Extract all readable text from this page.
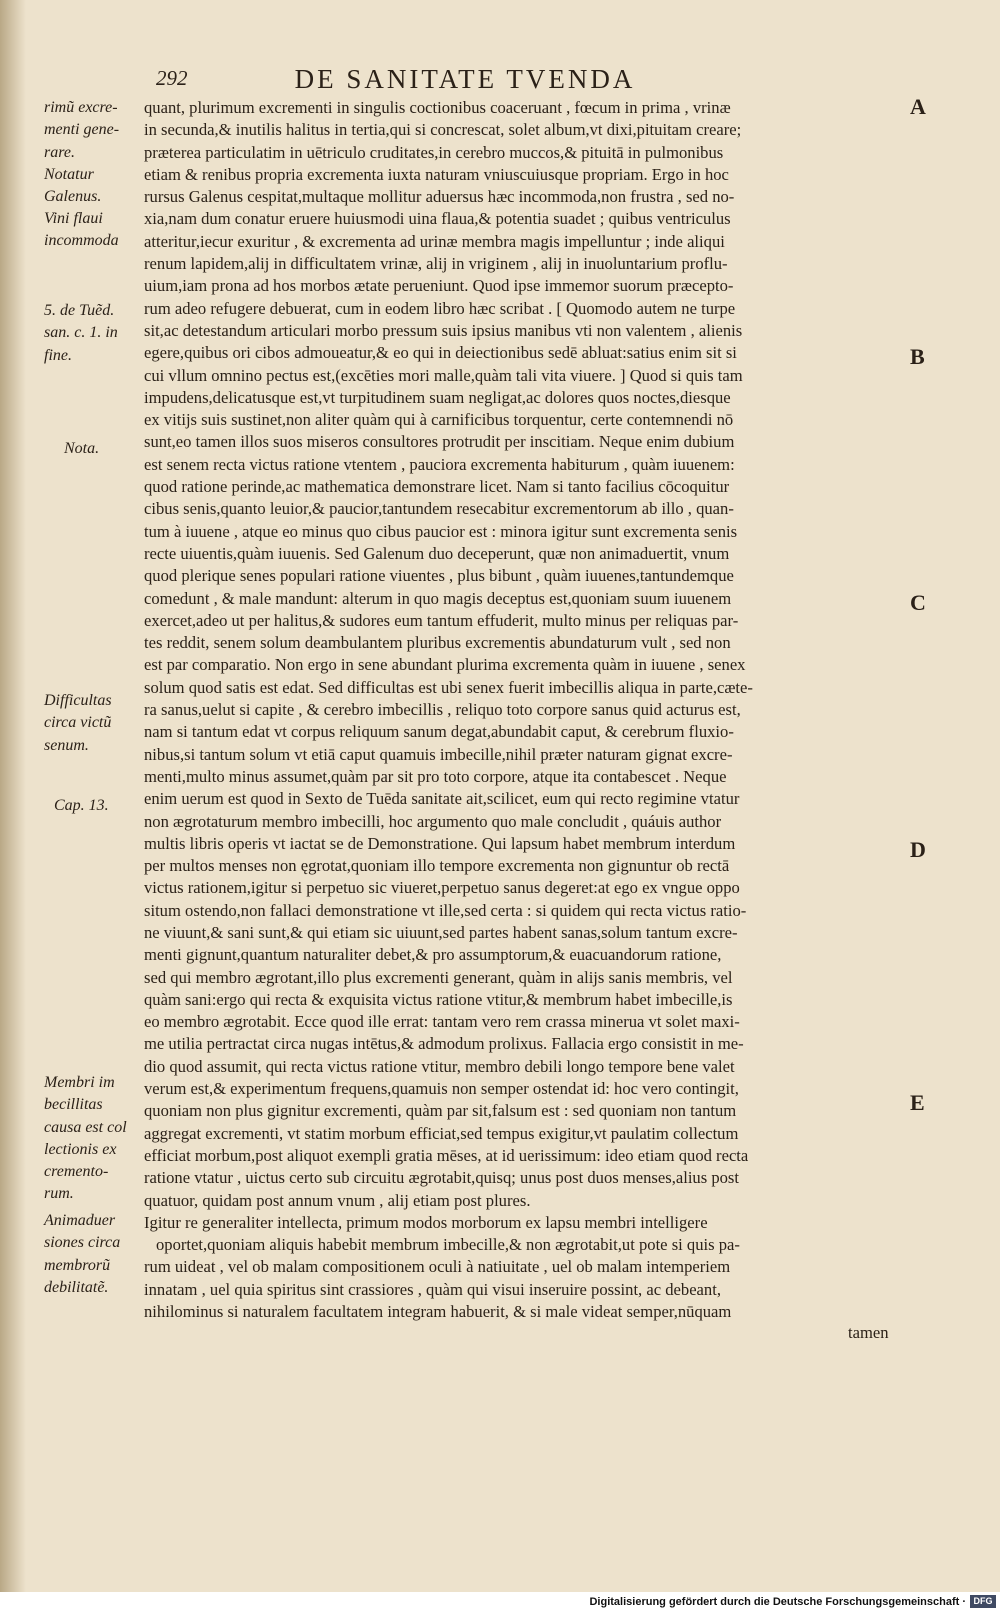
292	DE SANITATE TVENDA
rimũ excre-
menti gene-
rare.
Notatur
Galenus.
Vini flaui
incommoda
5. de Tuẽd.
san. c. 1. in
fine.
Nota.
Difficultas
circa victũ
senum.
Cap. 13.
Membri im
becillitas
causa est col
lectionis ex
cremento-
rum.
Animaduer
siones circa
membrorũ
debilitatẽ.
quant, plurimum excrementi in singulis coctionibus coaceruant , fœcum in prima , vrinæ
in secunda,& inutilis halitus in tertia,qui si concrescat, solet album,vt dixi,pituitam creare;
præterea particulatim in uētriculo cruditates,in cerebro muccos,& pituitā in pulmonibus
etiam & renibus propria excrementa iuxta naturam vniuscuiusque propriam. Ergo in hoc
rursus Galenus cespitat,multaque mollitur aduersus hæc incommoda,non frustra , sed no-
xia,nam dum conatur eruere huiusmodi uina flaua,& potentia suadet ; quibus ventriculus
atteritur,iecur exuritur , & excrementa ad urinæ membra magis impelluntur ; inde aliqui
renum lapidem,alij in difficultatem vrinæ, alij in vriginem , alij in inuoluntarium proflu-
uium,iam prona ad hos morbos ætate perueniunt. Quod ipse immemor suorum præcepto-
rum adeo refugere debuerat, cum in eodem libro hæc scribat . [ Quomodo autem ne turpe
sit,ac detestandum articulari morbo pressum suis ipsius manibus vti non valentem , alienis
egere,quibus ori cibos admoueatur,& eo qui in deiectionibus sedē abluat:satius enim sit si
cui vllum omnino pectus est,(excēties mori malle,quàm tali vita viuere. ] Quod si quis tam
impudens,delicatusque est,vt turpitudinem suam negligat,ac dolores quos noctes,diesque
ex vitijs suis sustinet,non aliter quàm qui à carnificibus torquentur, certe contemnendi nō
sunt,eo tamen illos suos miseros consultores protrudit per inscitiam. Neque enim dubium
est senem recta victus ratione vtentem , pauciora excrementa habiturum , quàm iuuenem:
quod ratione perinde,ac mathematica demonstrare licet. Nam si tanto facilius cōcoquitur
cibus senis,quanto leuior,& paucior,tantundem resecabitur excrementorum ab illo , quan-
tum à iuuene , atque eo minus quo cibus paucior est : minora igitur sunt excrementa senis
recte uiuentis,quàm iuuenis. Sed Galenum duo deceperunt, quæ non animaduertit, vnum
quod plerique senes populari ratione viuentes , plus bibunt , quàm iuuenes,tantundemque
comedunt , & male mandunt: alterum in quo magis deceptus est,quoniam suum iuuenem
exercet,adeo ut per halitus,& sudores eum tantum effuderit, multo minus per reliquas par-
tes reddit, senem solum deambulantem pluribus excrementis abundaturum vult , sed non
est par comparatio. Non ergo in sene abundant plurima excrementa quàm in iuuene , senex
solum quod satis est edat. Sed difficultas est ubi senex fuerit imbecillis aliqua in parte,cæte-
ra sanus,uelut si capite , & cerebro imbecillis , reliquo toto corpore sanus quid acturus est,
nam si tantum edat vt corpus reliquum sanum degat,abundabit caput, & cerebrum fluxio-
nibus,si tantum solum vt etiā caput quamuis imbecille,nihil præter naturam gignat excre-
menti,multo minus assumet,quàm par sit pro toto corpore, atque ita contabescet . Neque
enim uerum est quod in Sexto de Tuēda sanitate ait,scilicet, eum qui recto regimine vtatur
non ægrotaturum membro imbecilli, hoc argumento quo male concludit , quáuis author
multis libris operis vt iactat se de Demonstratione. Qui lapsum habet membrum interdum
per multos menses non ęgrotat,quoniam illo tempore excrementa non gignuntur ob rectā
victus rationem,igitur si perpetuo sic viueret,perpetuo sanus degeret:at ego ex vngue oppo
situm ostendo,non fallaci demonstratione vt ille,sed certa : si quidem qui recta victus ratio-
ne viuunt,& sani sunt,& qui etiam sic uiuunt,sed partes habent sanas,solum tantum excre-
menti gignunt,quantum naturaliter debet,& pro assumptorum,& euacuandorum ratione,
sed qui membro ægrotant,illo plus excrementi generant, quàm in alijs sanis membris, vel
quàm sani:ergo qui recta & exquisita victus ratione vtitur,& membrum habet imbecille,is
eo membro ægrotabit. Ecce quod ille errat: tantam vero rem crassa minerua vt solet maxi-
me utilia pertractat circa nugas intētus,& admodum prolixus. Fallacia ergo consistit in me-
dio quod assumit, qui recta victus ratione vtitur, membro debili longo tempore bene valet
verum est,& experimentum frequens,quamuis non semper ostendat id: hoc vero contingit,
quoniam non plus gignitur excrementi, quàm par sit,falsum est : sed quoniam non tantum
aggregat excrementi, vt statim morbum efficiat,sed tempus exigitur,vt paulatim collectum
efficiat morbum,post aliquot exempli gratia mēses, at id uerissimum: ideo etiam quod recta
ratione vtatur , uictus certo sub circuitu ægrotabit,quisq; unus post duos menses,alius post
quatuor, quidam post annum vnum , alij etiam post plures.
Igitur re generaliter intellecta, primum modos morborum ex lapsu membri intelligere
oportet,quoniam aliquis habebit membrum imbecille,& non ægrotabit,ut pote si quis pa-
rum uideat , vel ob malam compositionem oculi à natiuitate , uel ob malam intemperiem
innatam , uel quia spiritus sint crassiores , quàm qui visui inseruire possint, ac debeant,
nihilominus si naturalem facultatem integram habuerit, & si male videat semper,nūquam
tamen
A
B
C
D
E
Digitalisierung gefördert durch die Deutsche Forschungsgemeinschaft · DFG
